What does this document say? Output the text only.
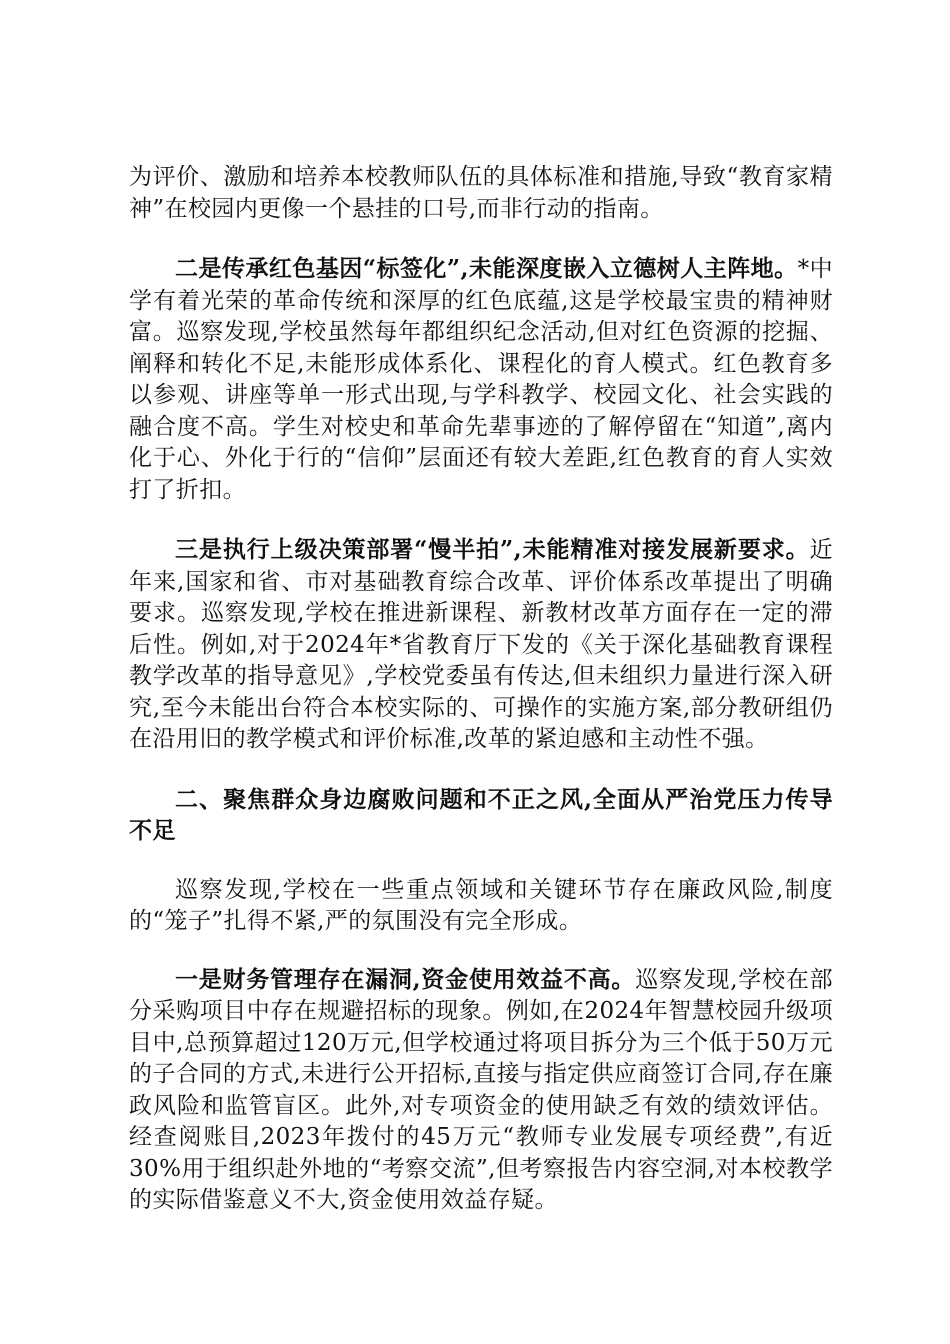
为评价、激励和培养本校教师队伍的具体标准和措施,导致“教育家精神”在校园内更像一个悬挂的口号,而非行动的指南。

二是传承红色基因“标签化”,未能深度嵌入立德树人主阵地。*中学有着光荣的革命传统和深厚的红色底蕴,这是学校最宝贵的精神财富。巡察发现,学校虽然每年都组织纪念活动,但对红色资源的挖掘、阐释和转化不足,未能形成体系化、课程化的育人模式。红色教育多以参观、讲座等单一形式出现,与学科教学、校园文化、社会实践的融合度不高。学生对校史和革命先辈事迹的了解停留在“知道”,离内化于心、外化于行的“信仰”层面还有较大差距,红色教育的育人实效打了折扣。

三是执行上级决策部署“慢半拍”,未能精准对接发展新要求。近年来,国家和省、市对基础教育综合改革、评价体系改革提出了明确要求。巡察发现,学校在推进新课程、新教材改革方面存在一定的滞后性。例如,对于2024年*省教育厅下发的《关于深化基础教育课程教学改革的指导意见》,学校党委虽有传达,但未组织力量进行深入研究,至今未能出台符合本校实际的、可操作的实施方案,部分教研组仍在沿用旧的教学模式和评价标准,改革的紧迫感和主动性不强。

二、聚焦群众身边腐败问题和不正之风,全面从严治党压力传导不足

巡察发现,学校在一些重点领域和关键环节存在廉政风险,制度的“笼子”扎得不紧,严的氛围没有完全形成。

一是财务管理存在漏洞,资金使用效益不高。巡察发现,学校在部分采购项目中存在规避招标的现象。例如,在2024年智慧校园升级项目中,总预算超过120万元,但学校通过将项目拆分为三个低于50万元的子合同的方式,未进行公开招标,直接与指定供应商签订合同,存在廉政风险和监管盲区。此外,对专项资金的使用缺乏有效的绩效评估。经查阅账目,2023年拨付的45万元“教师专业发展专项经费”,有近30%用于组织赴外地的“考察交流”,但考察报告内容空洞,对本校教学的实际借鉴意义不大,资金使用效益存疑。
